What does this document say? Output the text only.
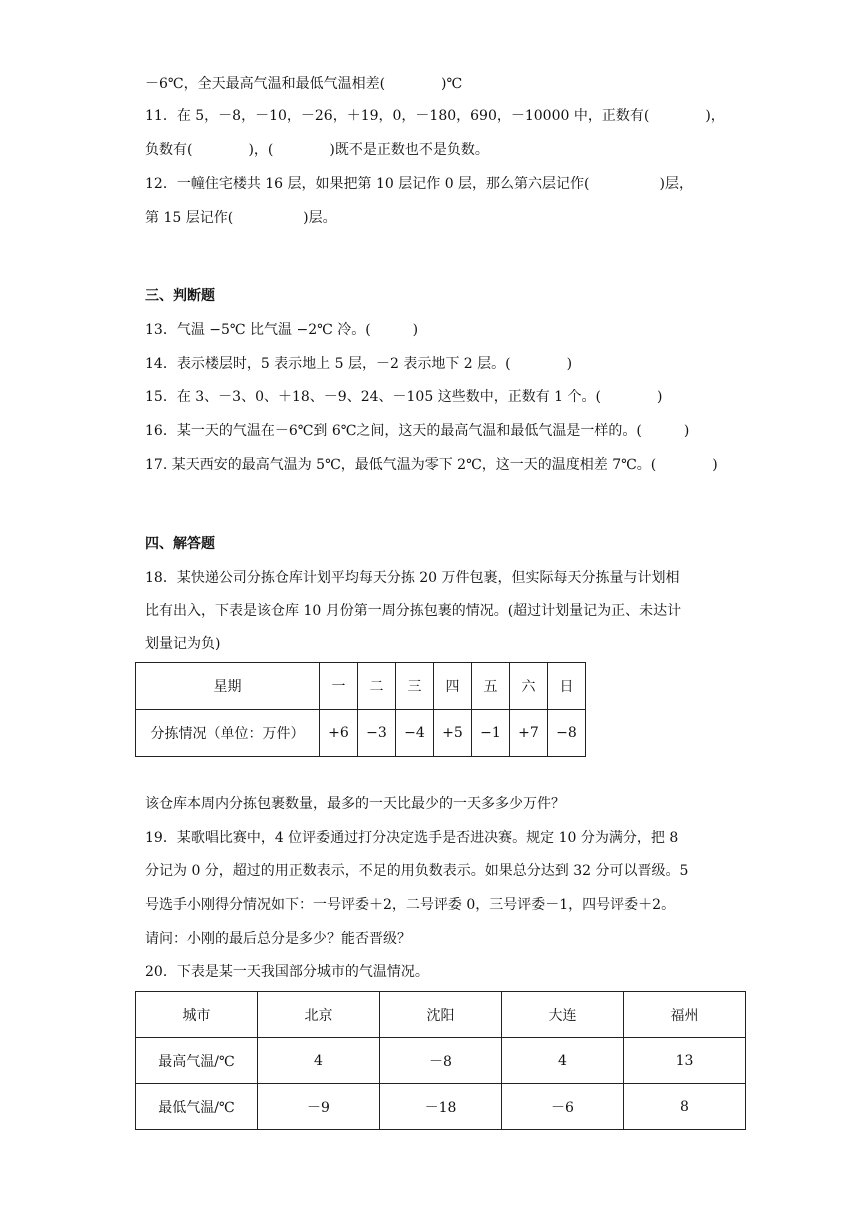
－6℃，全天最高气温和最低气温相差(　　　　)℃
11．在 5，－8，－10，－26，＋19，0，－180，690，－10000 中，正数有(　　　　)，
负数有(　　　　)，(　　　　)既不是正数也不是负数。
12．一幢住宅楼共 16 层，如果把第 10 层记作 0 层，那么第六层记作(　　　　　)层，
第 15 层记作(　　　　　)层。
三、判断题
13．气温 −5℃ 比气温 −2℃ 冷。(　　　)
14．表示楼层时，5 表示地上 5 层，－2 表示地下 2 层。(　　　　)
15．在 3、－3、0、＋18、－9、24、－105 这些数中，正数有 1 个。(　　　　)
16．某一天的气温在－6℃到 6℃之间，这天的最高气温和最低气温是一样的。(　　　)
17. 某天西安的最高气温为 5℃，最低气温为零下 2℃，这一天的温度相差 7℃。(　　　　)
四、解答题
18．某快递公司分拣仓库计划平均每天分拣 20 万件包裹，但实际每天分拣量与计划相
比有出入，下表是该仓库 10 月份第一周分拣包裹的情况。(超过计划量记为正、未达计
划量记为负)
星期	一	二	三	四	五	六	日
分拣情况（单位：万件）	+6	−3	−4	+5	−1	+7	−8
该仓库本周内分拣包裹数量，最多的一天比最少的一天多多少万件？
19．某歌唱比赛中，4 位评委通过打分决定选手是否进决赛。规定 10 分为满分，把 8
分记为 0 分，超过的用正数表示，不足的用负数表示。如果总分达到 32 分可以晋级。5
号选手小刚得分情况如下：一号评委＋2，二号评委 0，三号评委－1，四号评委＋2。
请问：小刚的最后总分是多少？能否晋级？
20．下表是某一天我国部分城市的气温情况。
城市	北京	沈阳	大连	福州
最高气温/℃	4	－8	4	13
最低气温/℃	－9	－18	－6	8
